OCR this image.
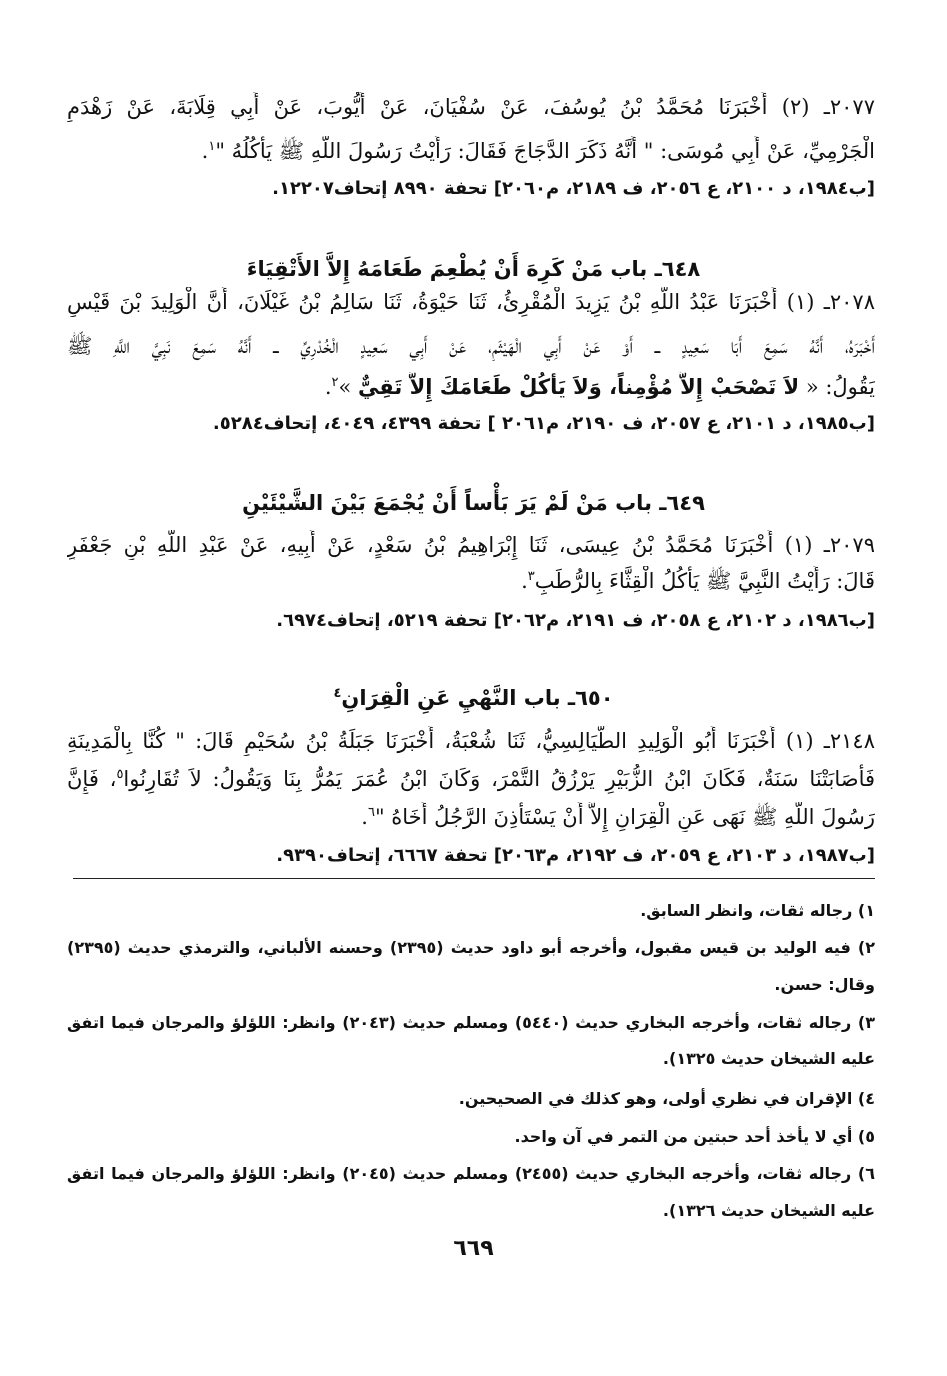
٢٠٧٧ـ (٢) أَخْبَرَنَا مُحَمَّدُ بْنُ يُوسُفَ، عَنْ سُفْيَانَ، عَنْ أَيُّوبَ، عَنْ أَبِي قِلَابَةَ، عَنْ زَهْدَمٍ
الْجَرْمِيِّ، عَنْ أَبِي مُوسَى: " أَنَّهُ ذَكَرَ الدَّجَاجَ فَقَالَ: رَأَيْتُ رَسُولَ اللَّهِ ﷺ يَأْكُلُهُ "$^١$.
[ب١٩٨٤، د ٢١٠٠، ع ٢٠٥٦، ف ٢١٨٩، م٢٠٦٠] تحفة ٨٩٩٠ إتحاف١٢٢٠٧.
٦٤٨ـ باب مَنْ كَرِهَ أَنْ يُطْعِمَ طَعَامَهُ إِلاَّ الأَتْقِيَاءَ
٢٠٧٨ـ (١) أَخْبَرَنَا عَبْدُ اللَّهِ بْنُ يَزِيدَ الْمُقْرِئُ، ثَنَا حَيْوَةُ، ثَنَا سَالِمُ بْنُ غَيْلَانَ، أَنَّ الْوَلِيدَ بْنَ قَيْسٍ
أَخْبَرَهُ، أَنَّهُ سَمِعَ أَبَا سَعِيدٍ ــ أَوْ عَنْ أَبِي الْهَيْثَمِ، عَنْ أَبِي سَعِيدٍ الْخُدْرِيِّ ــ أَنَّهُ سَمِعَ نَبِيَّ اللَّهِ ﷺ
يَقُولُ: « لاَ تَصْحَبْ إِلاَّ مُؤْمِناً، وَلاَ يَأْكُلْ طَعَامَكَ إِلاَّ تَقِيٌّ »$^٢$.
[ب١٩٨٥، د ٢١٠١، ع ٢٠٥٧، ف ٢١٩٠، م٢٠٦١ ] تحفة ٤٣٩٩، ٤٠٤٩، إتحاف٥٢٨٤.
٦٤٩ـ باب مَنْ لَمْ يَرَ بَأْساً أَنْ يُجْمَعَ بَيْنَ الشَّيْئَيْنِ
٢٠٧٩ـ (١) أَخْبَرَنَا مُحَمَّدُ بْنُ عِيسَى، ثَنَا إِبْرَاهِيمُ بْنُ سَعْدٍ، عَنْ أَبِيهِ، عَنْ عَبْدِ اللَّهِ بْنِ جَعْفَرٍ
قَالَ: رَأَيْتُ النَّبِيَّ ﷺ يَأْكُلُ الْقِثَّاءَ بِالرُّطَبِ$^٣$.
[ب١٩٨٦، د ٢١٠٢، ع ٢٠٥٨، ف ٢١٩١، م٢٠٦٢] تحفة ٥٢١٩، إتحاف٦٩٧٤.
٦٥٠ـ باب النَّهْيِ عَنِ الْقِرَانِ$^٤$
٢١٤٨ـ (١) أَخْبَرَنَا أَبُو الْوَلِيدِ الطَّيَالِسِيُّ، ثَنَا شُعْبَةُ، أَخْبَرَنَا جَبَلَةُ بْنُ سُحَيْمٍ قَالَ: " كُنَّا بِالْمَدِينَةِ
فَأَصَابَتْنَا سَنَةٌ، فَكَانَ ابْنُ الزُّبَيْرِ يَرْزُقُ التَّمْرَ، وَكَانَ ابْنُ عُمَرَ يَمُرُّ بِنَا وَيَقُولُ: لاَ تُقَارِنُوا$^٥$، فَإِنَّ
رَسُولَ اللَّهِ ﷺ نَهَى عَنِ الْقِرَانِ إِلاَّ أَنْ يَسْتَأْذِنَ الرَّجُلُ أَخَاهُ "$^٦$.
[ب١٩٨٧، د ٢١٠٣، ع ٢٠٥٩، ف ٢١٩٢، م٢٠٦٣] تحفة ٦٦٦٧، إتحاف٩٣٩٠.
١) رجاله ثقات، وانظر السابق.
٢) فيه الوليد بن قيس مقبول، وأخرجه أبو داود حديث (٢٣٩٥) وحسنه الألباني، والترمذي حديث (٢٣٩٥)
وقال: حسن.
٣) رجاله ثقات، وأخرجه البخاري حديث (٥٤٤٠) ومسلم حديث (٢٠٤٣) وانظر: اللؤلؤ والمرجان فيما اتفق
عليه الشيخان حديث ١٣٢٥).
٤) الإقران في نظري أولى، وهو كذلك في الصحيحين.
٥) أي لا يأخذ أحد حبتين من التمر في آن واحد.
٦) رجاله ثقات، وأخرجه البخاري حديث (٢٤٥٥) ومسلم حديث (٢٠٤٥) وانظر: اللؤلؤ والمرجان فيما اتفق
عليه الشيخان حديث ١٣٢٦).
٦٦٩
